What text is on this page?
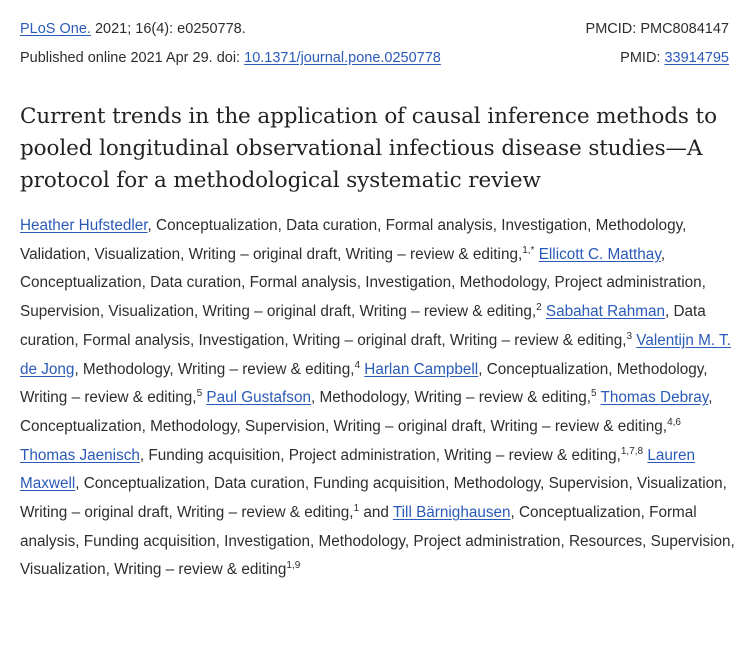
PLoS One. 2021; 16(4): e0250778.	PMCID: PMC8084147
Published online 2021 Apr 29. doi: 10.1371/journal.pone.0250778	PMID: 33914795
Current trends in the application of causal inference methods to pooled longitudinal observational infectious disease studies—A protocol for a methodological systematic review

Heather Hufstedler, Conceptualization, Data curation, Formal analysis, Investigation, Methodology, Validation, Visualization, Writing – original draft, Writing – review & editing,$^{1,*}$ Ellicott C. Matthay, Conceptualization, Data curation, Formal analysis, Investigation, Methodology, Project administration, Supervision, Visualization, Writing – original draft, Writing – review & editing,$^2$ Sabahat Rahman, Data curation, Formal analysis, Investigation, Writing – original draft, Writing – review & editing,$^3$ Valentijn M. T. de Jong, Methodology, Writing – review & editing,$^4$ Harlan Campbell, Conceptualization, Methodology, Writing – review & editing,$^5$ Paul Gustafson, Methodology, Writing – review & editing,$^5$ Thomas Debray, Conceptualization, Methodology, Supervision, Writing – original draft, Writing – review & editing,$^{4,6}$ Thomas Jaenisch, Funding acquisition, Project administration, Writing – review & editing,$^{1,7,8}$ Lauren Maxwell, Conceptualization, Data curation, Funding acquisition, Methodology, Supervision, Visualization, Writing – original draft, Writing – review & editing,$^1$ and Till Bärnighausen, Conceptualization, Formal analysis, Funding acquisition, Investigation, Methodology, Project administration, Resources, Supervision, Visualization, Writing – review & editing$^{1,9}$
